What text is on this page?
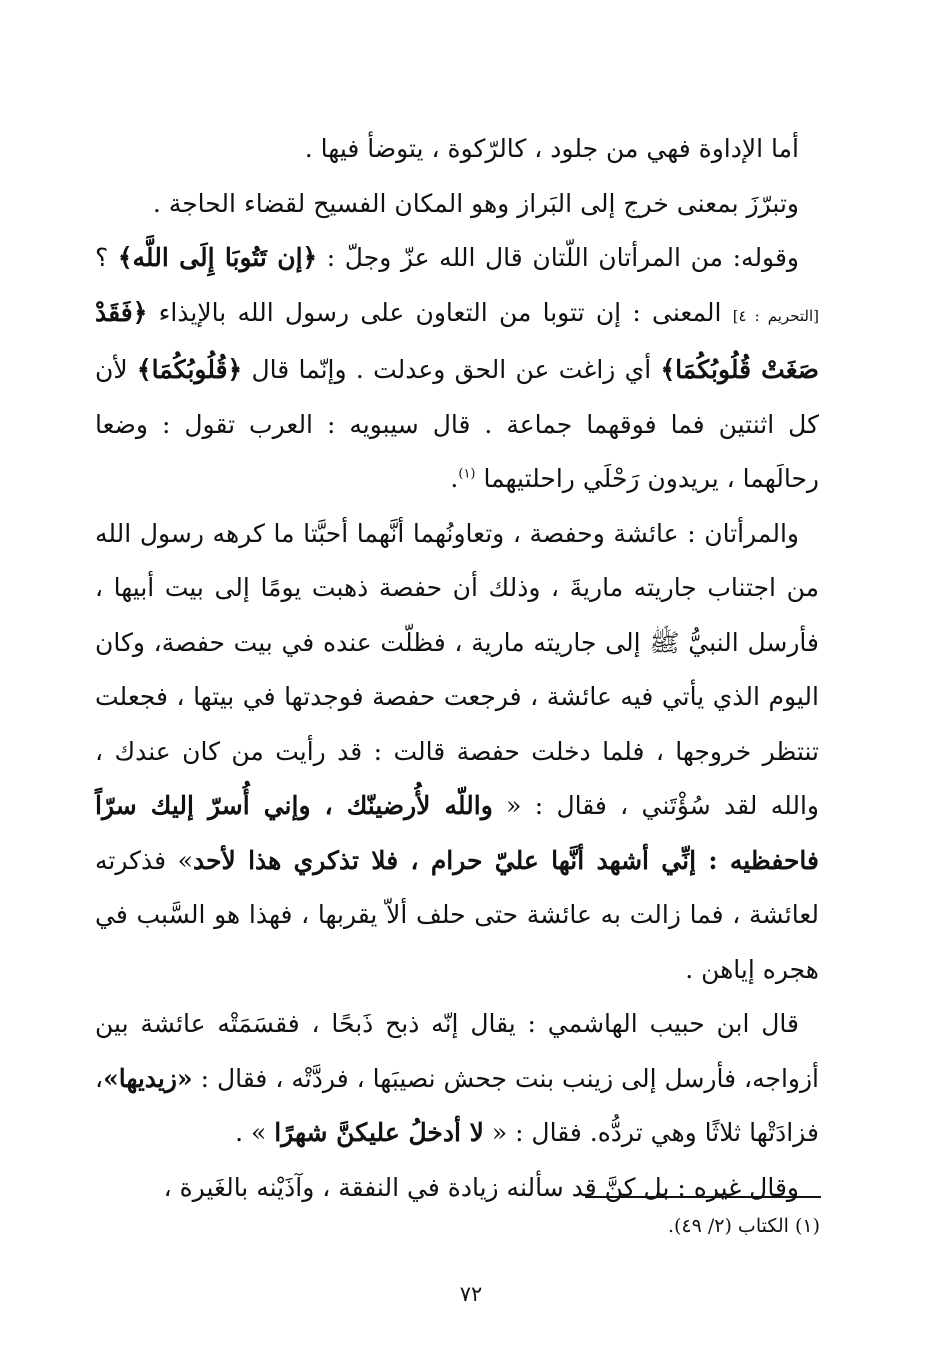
أما الإداوة فهي من جلود ، كالرّكوة ، يتوضأ فيها .

وتبرّزَ بمعنى خرج إلى البَراز وهو المكان الفسيح لقضاء الحاجة .

وقوله: من المرأتان اللّتان قال الله عزّ وجلّ : ﴿إن تَتُوبَا إِلَى اللَّه﴾ ؟ [التحريم : ٤] المعنى : إن تتوبا من التعاون على رسول الله بالإيذاء ﴿فَقَدْ صَغَتْ قُلُوبُكُمَا﴾ أي زاغت عن الحق وعدلت . وإنّما قال ﴿قُلُوبُكُمَا﴾ لأن كل اثنتين فما فوقهما جماعة . قال سيبويه : العرب تقول : وضعا رحالَهما ، يريدون رَحْلَي راحلتيهما $^{(١)}$.

والمرأتان : عائشة وحفصة ، وتعاونُهما أنَّهما أحبَّتا ما كرهه رسول الله من اجتناب جاريته ماريةَ ، وذلك أن حفصة ذهبت يومًا إلى بيت أبيها ، فأرسل النبيُّ ﷺ إلى جاريته مارية ، فظلّت عنده في بيت حفصة، وكان اليوم الذي يأتي فيه عائشة ، فرجعت حفصة فوجدتها في بيتها ، فجعلت تنتظر خروجها ، فلما دخلت حفصة قالت : قد رأيت من كان عندك ، والله لقد سُؤْتَني ، فقال : « واللّه لأُرضينّك ، وإني أُسرّ إليك سرّاً فاحفظيه : إنِّي أشهد أنَّها عليّ حرام ، فلا تذكري هذا لأحد» فذكرته لعائشة ، فما زالت به عائشة حتى حلف ألاّ يقربها ، فهذا هو السَّبب في هجره إياهن .

قال ابن حبيب الهاشمي : يقال إنّه ذبح ذَبحًا ، فقسَمَتْه عائشة بين أزواجه، فأرسل إلى زينب بنت جحش نصيبَها ، فردَّتْه ، فقال : «زيديها»، فزادَتْها ثلاثًا وهي تردُّه. فقال : « لا أدخلُ عليكنَّ شهرًا » .

وقال غيره : بل كنَّ قد سألنه زيادة في النفقة ، وآذَيْنه بالغَيرة ،

(١) الكتاب (٢/ ٤٩).
٧٢
